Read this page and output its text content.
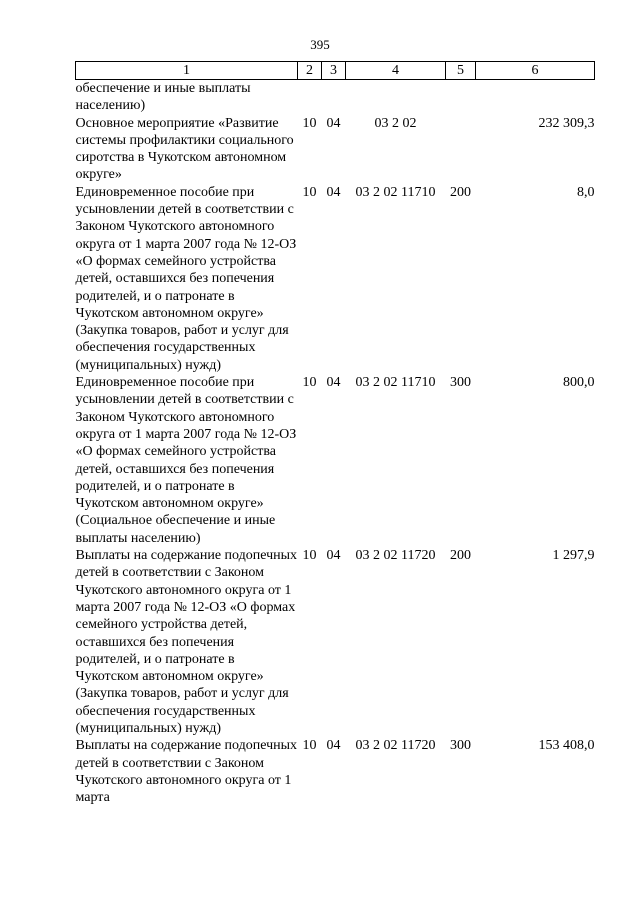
395
1	2	3	4	5	6
обеспечение и иные выплаты населению)					
Основное мероприятие «Развитие системы профилактики социального сиротства в Чукотском автономном округе»	10	04	03 2 02		232 309,3
Единовременное пособие при усыновлении детей в соответствии с Законом Чукотского автономного округа от 1 марта 2007 года № 12-ОЗ «О формах семейного устройства детей, оставшихся без попечения родителей, и о патронате в Чукотском автономном округе» (Закупка товаров, работ и услуг для обеспечения государственных (муниципальных) нужд)	10	04	03 2 02 11710	200	8,0
Единовременное пособие при усыновлении детей в соответствии с Законом Чукотского автономного округа от 1 марта 2007 года № 12-ОЗ «О формах семейного устройства детей, оставшихся без попечения родителей, и о патронате в Чукотском автономном округе» (Социальное обеспечение и иные выплаты населению)	10	04	03 2 02 11710	300	800,0
Выплаты на содержание подопечных детей в соответствии с Законом Чукотского автономного округа от 1 марта 2007 года № 12-ОЗ «О формах семейного устройства детей, оставшихся без попечения родителей, и о патронате в Чукотском автономном округе» (Закупка товаров, работ и услуг для обеспечения государственных (муниципальных) нужд)	10	04	03 2 02 11720	200	1 297,9
Выплаты на содержание подопечных детей в соответствии с Законом Чукотского автономного округа от 1 марта	10	04	03 2 02 11720	300	153 408,0
